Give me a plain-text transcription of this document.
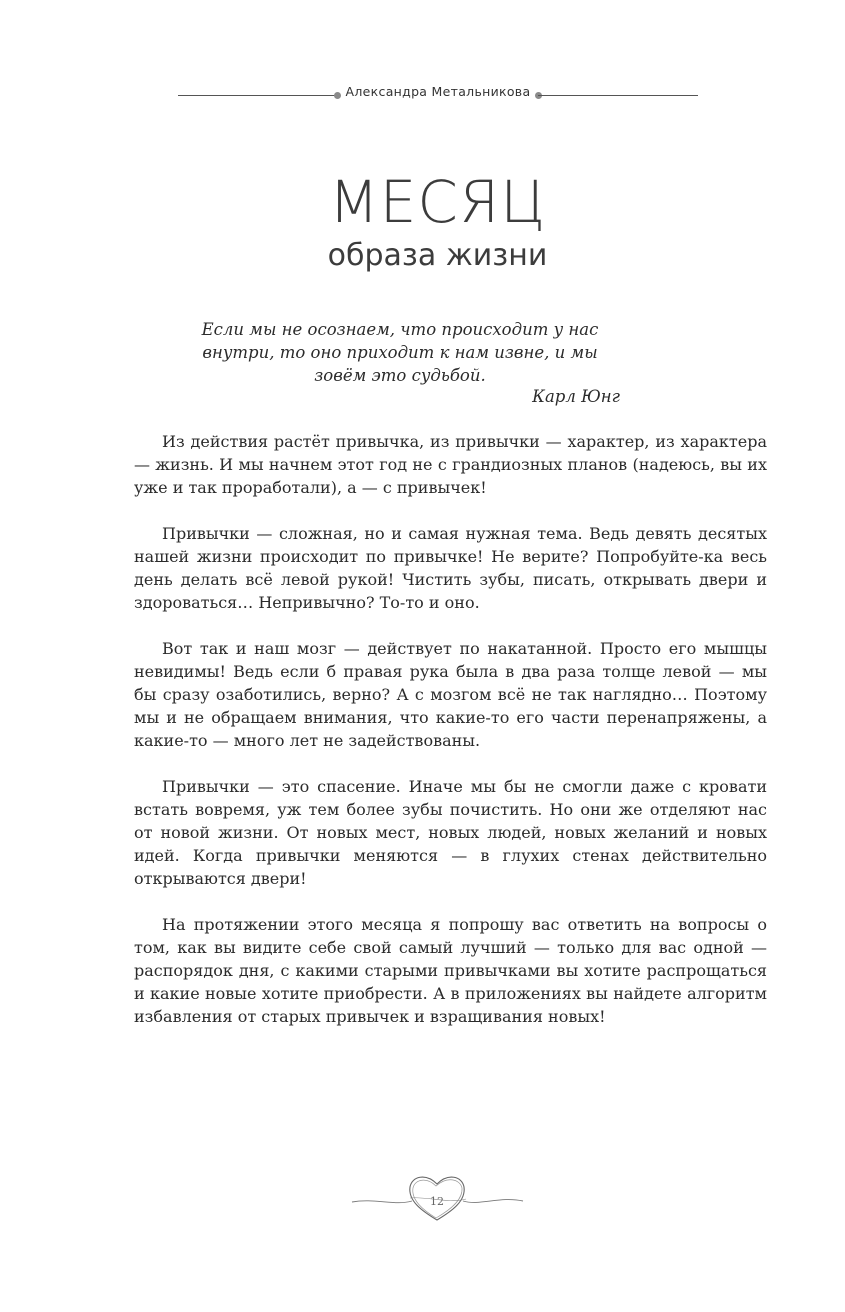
Александра Метальникова
МЕСЯЦ
образа жизни
Если мы не осознаем, что происходит у нас внутри, то оно приходит к нам извне, и мы зовём это судьбой.
Карл Юнг

Из действия растёт привычка, из привычки — характер, из характера — жизнь. И мы начнем этот год не с грандиозных планов (надеюсь, вы их уже и так проработали), а — с привычек!

Привычки — сложная, но и самая нужная тема. Ведь девять десятых нашей жизни происходит по привычке! Не верите? Попробуйте-ка весь день делать всё левой рукой! Чистить зубы, писать, открывать двери и здороваться… Непривычно? То-то и оно.

Вот так и наш мозг — действует по накатанной. Просто его мышцы невидимы! Ведь если б правая рука была в два раза толще левой — мы бы сразу озаботились, верно? А с мозгом всё не так наглядно… Поэтому мы и не обращаем внимания, что какие-то его части перенапряжены, а какие-то — много лет не задействованы.

Привычки — это спасение. Иначе мы бы не смогли даже с кровати встать вовремя, уж тем более зубы почистить. Но они же отделяют нас от новой жизни. От новых мест, новых людей, новых желаний и новых идей. Когда привычки меняются — в глухих стенах действительно открываются двери!

На протяжении этого месяца я попрошу вас ответить на вопросы о том, как вы видите себе свой самый лучший — только для вас одной — распорядок дня, с какими старыми привычками вы хотите распрощаться и какие новые хотите приобрести. А в приложениях вы найдете алгоритм избавления от старых привычек и взращивания новых!

12
